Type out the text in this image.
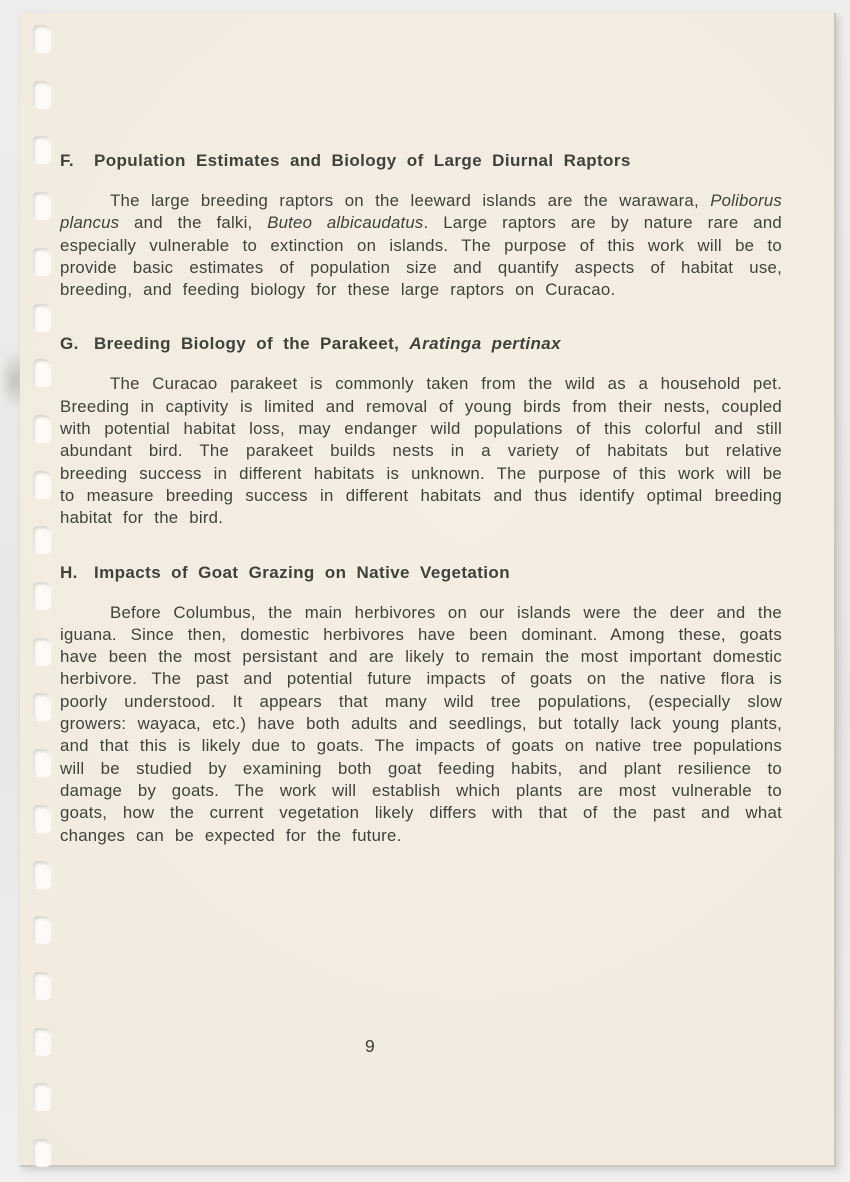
F.	Population Estimates and Biology of Large Diurnal Raptors

The large breeding raptors on the leeward islands are the warawara, Poliborus plancus and the falki, Buteo albicaudatus. Large raptors are by nature rare and especially vulnerable to extinction on islands. The purpose of this work will be to provide basic estimates of population size and quantify aspects of habitat use, breeding, and feeding biology for these large raptors on Curacao.

G. Breeding Biology of the Parakeet, Aratinga pertinax

The Curacao parakeet is commonly taken from the wild as a household pet. Breeding in captivity is limited and removal of young birds from their nests, coupled with potential habitat loss, may endanger wild populations of this colorful and still abundant bird. The parakeet builds nests in a variety of habitats but relative breeding success in different habitats is unknown. The purpose of this work will be to measure breeding success in different habitats and thus identify optimal breeding habitat for the bird.

H. Impacts of Goat Grazing on Native Vegetation

Before Columbus, the main herbivores on our islands were the deer and the iguana. Since then, domestic herbivores have been dominant. Among these, goats have been the most persistant and are likely to remain the most important domestic herbivore. The past and potential future impacts of goats on the native flora is poorly understood. It appears that many wild tree populations, (especially slow growers: wayaca, etc.) have both adults and seedlings, but totally lack young plants, and that this is likely due to goats. The impacts of goats on native tree populations will be studied by examining both goat feeding habits, and plant resilience to damage by goats. The work will establish which plants are most vulnerable to goats, how the current vegetation likely differs with that of the past and what changes can be expected for the future.

9
